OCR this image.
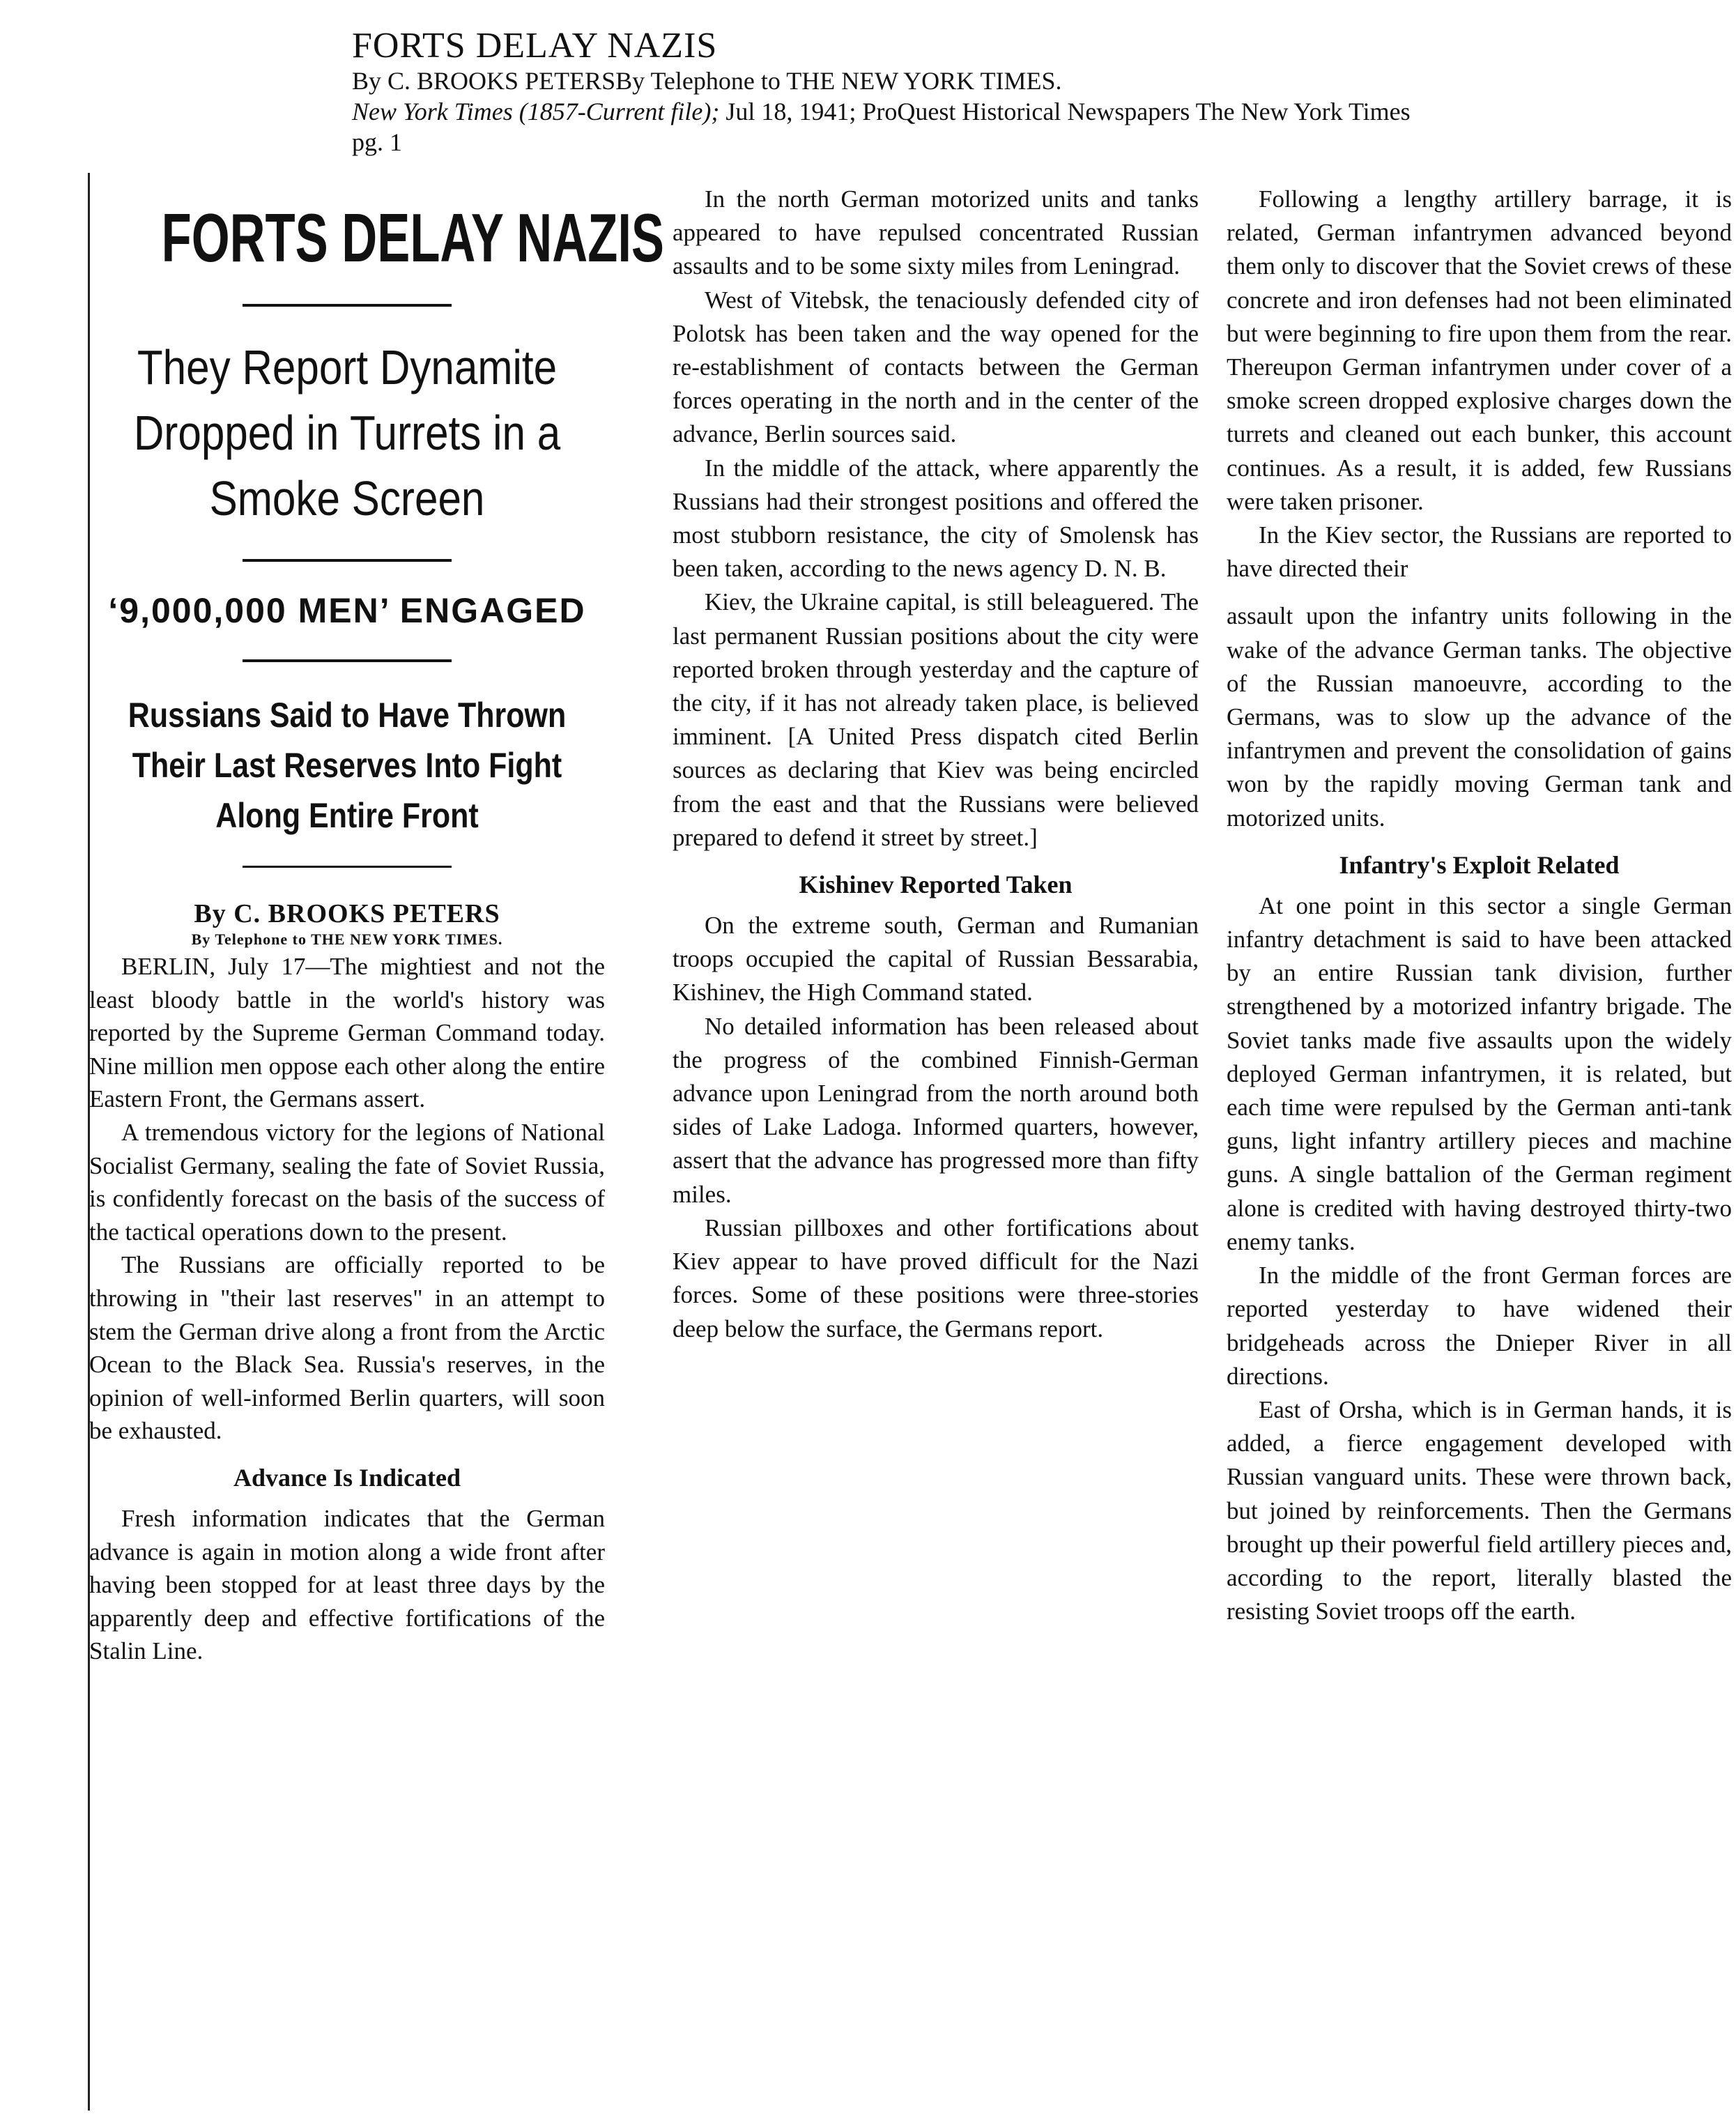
FORTS DELAY NAZIS
By C. BROOKS PETERSBy Telephone to THE NEW YORK TIMES.
New York Times (1857-Current file); Jul 18, 1941; ProQuest Historical Newspapers The New York Times
pg. 1
FORTS DELAY NAZIS
They Report Dynamite Dropped in Turrets in a Smoke Screen
‘9,000,000 MEN’ ENGAGED
Russians Said to Have Thrown Their Last Reserves Into Fight Along Entire Front
By C. BROOKS PETERS
By Telephone to THE NEW YORK TIMES.

BERLIN, July 17—The mightiest and not the least bloody battle in the world's history was reported by the Supreme German Command today. Nine million men oppose each other along the entire Eastern Front, the Germans assert.

A tremendous victory for the legions of National Socialist Germany, sealing the fate of Soviet Russia, is confidently forecast on the basis of the success of the tactical operations down to the present.

The Russians are officially reported to be throwing in "their last reserves" in an attempt to stem the German drive along a front from the Arctic Ocean to the Black Sea. Russia's reserves, in the opinion of well-informed Berlin quarters, will soon be exhausted.

Advance Is Indicated

Fresh information indicates that the German advance is again in motion along a wide front after having been stopped for at least three days by the apparently deep and effective fortifications of the Stalin Line.

In the north German motorized units and tanks appeared to have repulsed concentrated Russian assaults and to be some sixty miles from Leningrad.

West of Vitebsk, the tenaciously defended city of Polotsk has been taken and the way opened for the re-establishment of contacts between the German forces operating in the north and in the center of the advance, Berlin sources said.

In the middle of the attack, where apparently the Russians had their strongest positions and offered the most stubborn resistance, the city of Smolensk has been taken, according to the news agency D. N. B.

Kiev, the Ukraine capital, is still beleaguered. The last permanent Russian positions about the city were reported broken through yesterday and the capture of the city, if it has not already taken place, is believed imminent. [A United Press dispatch cited Berlin sources as declaring that Kiev was being encircled from the east and that the Russians were believed prepared to defend it street by street.]

Kishinev Reported Taken

On the extreme south, German and Rumanian troops occupied the capital of Russian Bessarabia, Kishinev, the High Command stated.

No detailed information has been released about the progress of the combined Finnish-German advance upon Leningrad from the north around both sides of Lake Ladoga. Informed quarters, however, assert that the advance has progressed more than fifty miles.

Russian pillboxes and other fortifications about Kiev appear to have proved difficult for the Nazi forces. Some of these positions were three-stories deep below the surface, the Germans report.

Following a lengthy artillery barrage, it is related, German infantrymen advanced beyond them only to discover that the Soviet crews of these concrete and iron defenses had not been eliminated but were beginning to fire upon them from the rear. Thereupon German infantrymen under cover of a smoke screen dropped explosive charges down the turrets and cleaned out each bunker, this account continues. As a result, it is added, few Russians were taken prisoner.

In the Kiev sector, the Russians are reported to have directed their

assault upon the infantry units following in the wake of the advance German tanks. The objective of the Russian manoeuvre, according to the Germans, was to slow up the advance of the infantrymen and prevent the consolidation of gains won by the rapidly moving German tank and motorized units.

Infantry's Exploit Related

At one point in this sector a single German infantry detachment is said to have been attacked by an entire Russian tank division, further strengthened by a motorized infantry brigade. The Soviet tanks made five assaults upon the widely deployed German infantrymen, it is related, but each time were repulsed by the German anti-tank guns, light infantry artillery pieces and machine guns. A single battalion of the German regiment alone is credited with having destroyed thirty-two enemy tanks.

In the middle of the front German forces are reported yesterday to have widened their bridgeheads across the Dnieper River in all directions.

East of Orsha, which is in German hands, it is added, a fierce engagement developed with Russian vanguard units. These were thrown back, but joined by reinforcements. Then the Germans brought up their powerful field artillery pieces and, according to the report, literally blasted the resisting Soviet troops off the earth.
